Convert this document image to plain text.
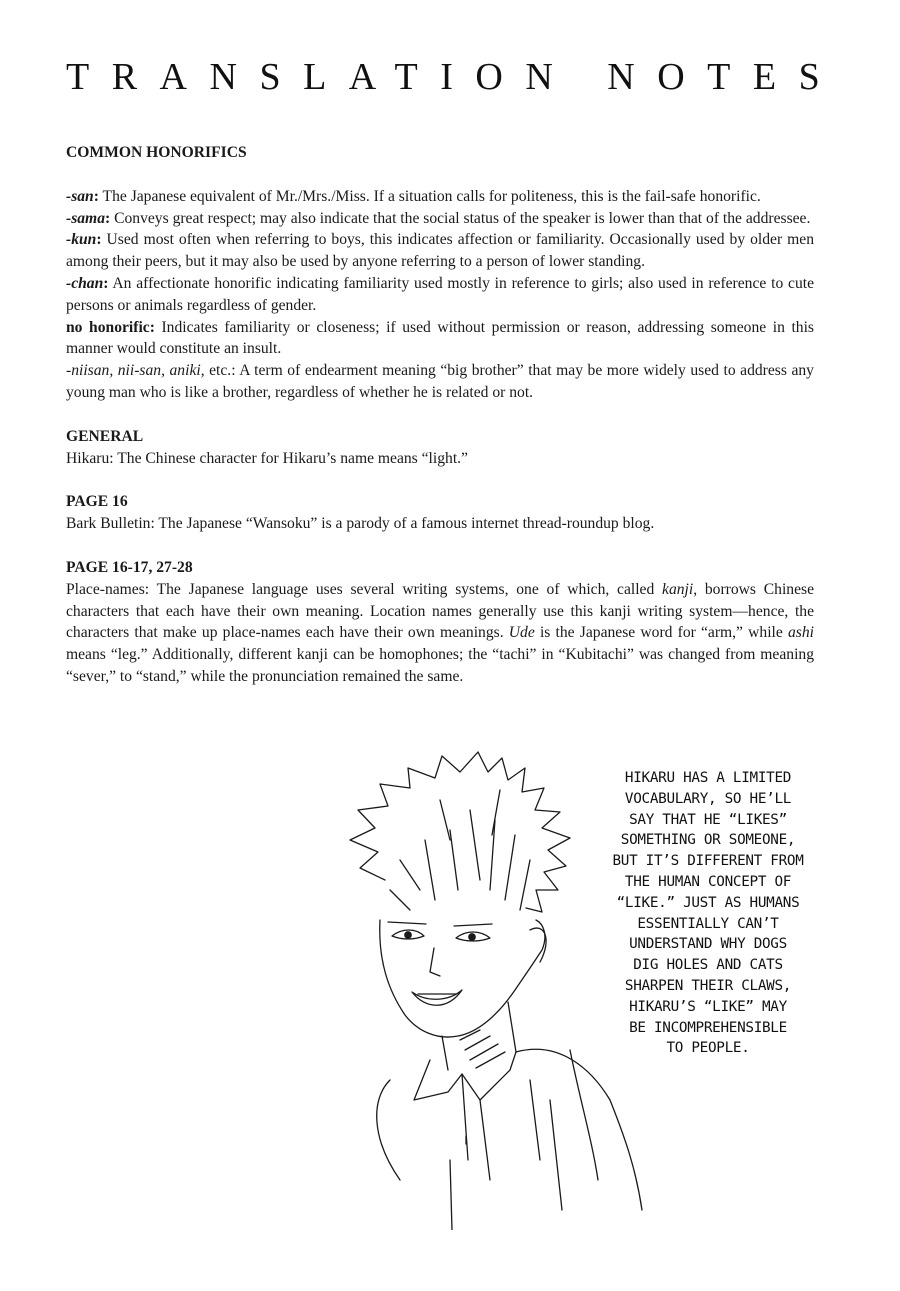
TRANSLATION NOTES

COMMON HONORIFICS

-san: The Japanese equivalent of Mr./Mrs./Miss. If a situation calls for politeness, this is the fail-safe honorific.

-sama: Conveys great respect; may also indicate that the social status of the speaker is lower than that of the addressee.

-kun: Used most often when referring to boys, this indicates affection or familiarity. Occasionally used by older men among their peers, but it may also be used by anyone referring to a person of lower standing.

-chan: An affectionate honorific indicating familiarity used mostly in reference to girls; also used in reference to cute persons or animals regardless of gender.

no honorific: Indicates familiarity or closeness; if used without permission or reason, addressing someone in this manner would constitute an insult.

-niisan, nii-san, aniki, etc.: A term of endearment meaning “big brother” that may be more widely used to address any young man who is like a brother, regardless of whether he is related or not.

GENERAL

Hikaru: The Chinese character for Hikaru’s name means “light.”

PAGE 16

Bark Bulletin: The Japanese “Wansoku” is a parody of a famous internet thread-roundup blog.

PAGE 16-17, 27-28

Place-names: The Japanese language uses several writing systems, one of which, called kanji, borrows Chinese characters that each have their own meaning. Location names generally use this kanji writing system—hence, the characters that make up place-names each have their own meanings. Ude is the Japanese word for “arm,” while ashi means “leg.” Additionally, different kanji can be homophones; the “tachi” in “Kubitachi” was changed from meaning “sever,” to “stand,” while the pronunciation remained the same.

HIKARU HAS A LIMITED
VOCABULARY, SO HE’LL
SAY THAT HE “LIKES”
SOMETHING OR SOMEONE,
BUT IT’S DIFFERENT FROM
THE HUMAN CONCEPT OF
“LIKE.” JUST AS HUMANS
ESSENTIALLY CAN’T
UNDERSTAND WHY DOGS
DIG HOLES AND CATS
SHARPEN THEIR CLAWS,
HIKARU’S “LIKE” MAY
BE INCOMPREHENSIBLE
TO PEOPLE.
